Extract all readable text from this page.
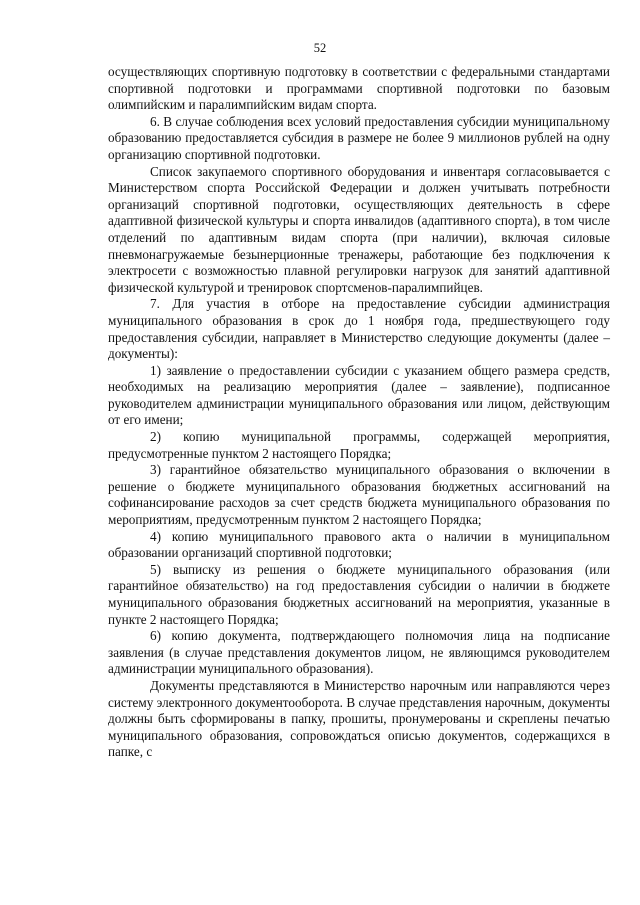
52

осуществляющих спортивную подготовку в соответствии с федеральными стандартами спортивной подготовки и программами спортивной подготовки по базовым олимпийским и паралимпийским видам спорта.

6. В случае соблюдения всех условий предоставления субсидии муниципальному образованию предоставляется субсидия в размере не более 9 миллионов рублей на одну организацию спортивной подготовки.

Список закупаемого спортивного оборудования и инвентаря согласовывается с Министерством спорта Российской Федерации и должен учитывать потребности организаций спортивной подготовки, осуществляющих деятельность в сфере адаптивной физической культуры и спорта инвалидов (адаптивного спорта), в том числе отделений по адаптивным видам спорта (при наличии), включая силовые пневмонагружаемые безынерционные тренажеры, работающие без подключения к электросети с возможностью плавной регулировки нагрузок для занятий адаптивной физической культурой и тренировок спортсменов-паралимпийцев.

7. Для участия в отборе на предоставление субсидии администрация муниципального образования в срок до 1 ноября года, предшествующего году предоставления субсидии, направляет в Министерство следующие документы (далее – документы):

1) заявление о предоставлении субсидии с указанием общего размера средств, необходимых на реализацию мероприятия (далее – заявление), подписанное руководителем администрации муниципального образования или лицом, действующим от его имени;

2) копию муниципальной программы, содержащей мероприятия, предусмотренные пунктом 2 настоящего Порядка;

3) гарантийное обязательство муниципального образования о включении в решение о бюджете муниципального образования бюджетных ассигнований на софинансирование расходов за счет средств бюджета муниципального образования по мероприятиям, предусмотренным пунктом 2 настоящего Порядка;

4) копию муниципального правового акта о наличии в муниципальном образовании организаций спортивной подготовки;

5) выписку из решения о бюджете муниципального образования (или гарантийное обязательство) на год предоставления субсидии о наличии в бюджете муниципального образования бюджетных ассигнований на мероприятия, указанные в пункте 2 настоящего Порядка;

6) копию документа, подтверждающего полномочия лица на подписание заявления (в случае представления документов лицом, не являющимся руководителем администрации муниципального образования).

Документы представляются в Министерство нарочным или направляются через систему электронного документооборота. В случае представления нарочным, документы должны быть сформированы в папку, прошиты, пронумерованы и скреплены печатью муниципального образования, сопровождаться описью документов, содержащихся в папке, с
